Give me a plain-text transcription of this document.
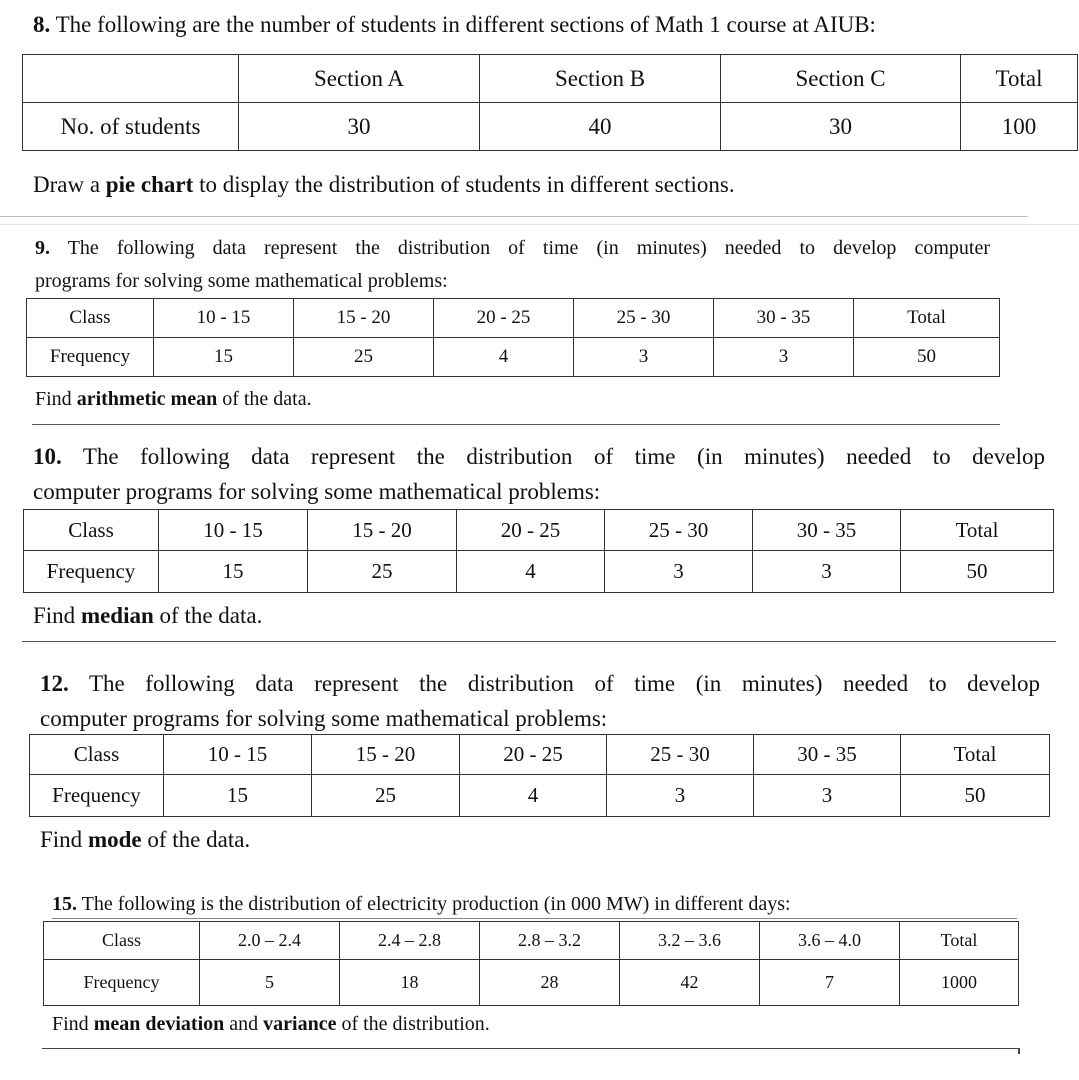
8. The following are the number of students in different sections of Math 1 course at AIUB:
	Section A	Section B	Section C	Total
No. of students	30	40	30	100
Draw a pie chart to display the distribution of students in different sections.
9. The following data represent the distribution of time (in minutes) needed to develop computer
programs for solving some mathematical problems:
Class	10 - 15	15 - 20	20 - 25	25 - 30	30 - 35	Total
Frequency	15	25	4	3	3	50
Find arithmetic mean of the data.
10. The following data represent the distribution of time (in minutes) needed to develop
computer programs for solving some mathematical problems:
Class	10 - 15	15 - 20	20 - 25	25 - 30	30 - 35	Total
Frequency	15	25	4	3	3	50
Find median of the data.
12. The following data represent the distribution of time (in minutes) needed to develop
computer programs for solving some mathematical problems:
Class	10 - 15	15 - 20	20 - 25	25 - 30	30 - 35	Total
Frequency	15	25	4	3	3	50
Find mode of the data.
15. The following is the distribution of electricity production (in 000 MW) in different days:
Class	2.0 – 2.4	2.4 – 2.8	2.8 – 3.2	3.2 – 3.6	3.6 – 4.0	Total
Frequency	5	18	28	42	7	1000
Find mean deviation and variance of the distribution.
